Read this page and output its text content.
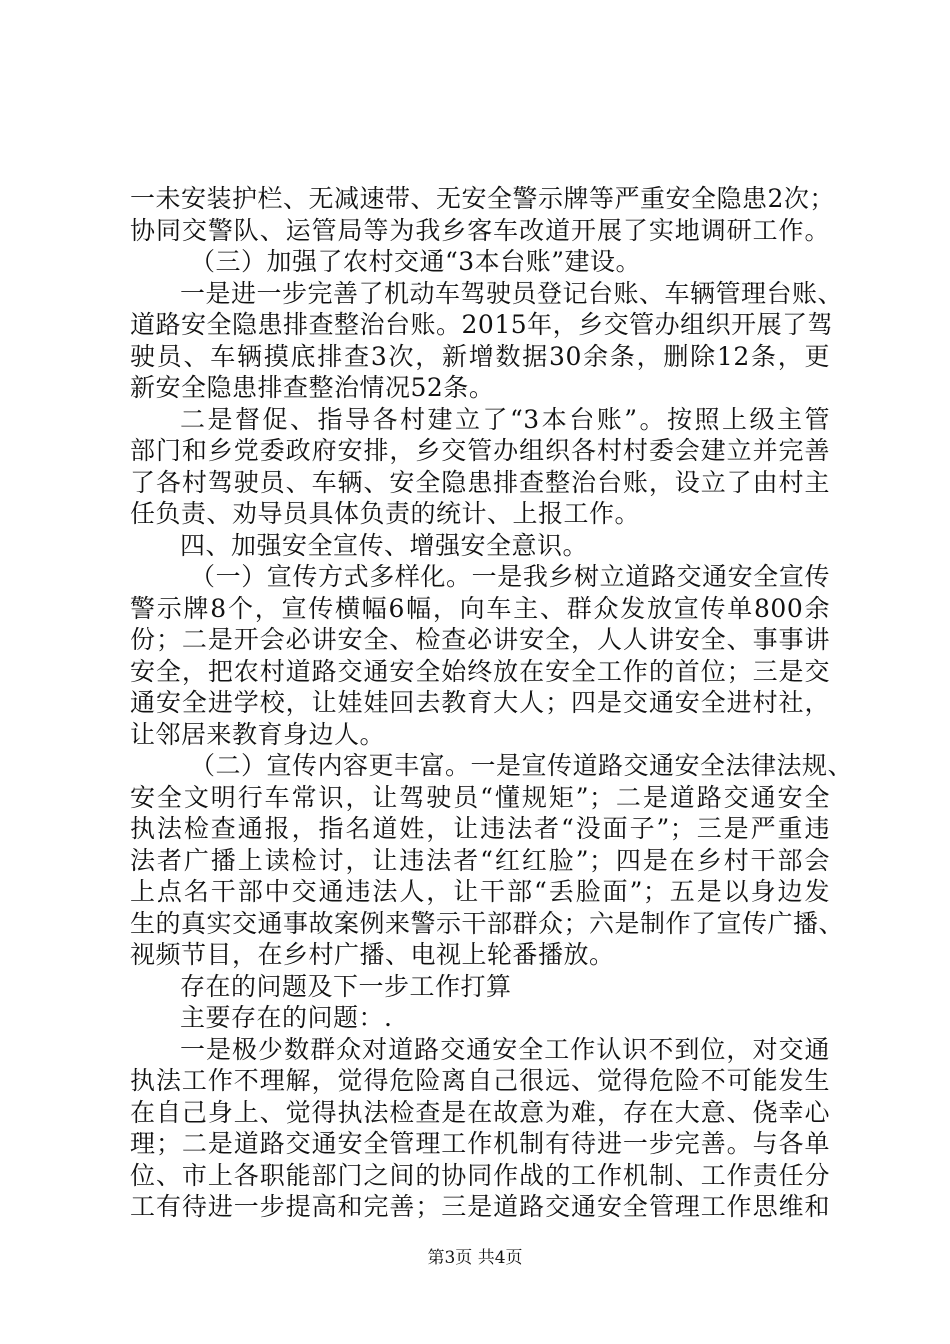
一未安装护栏、无减速带、无安全警示牌等严重安全隐患2次；
协同交警队、运管局等为我乡客车改道开展了实地调研工作。
（三）加强了农村交通“3本台账”建设。
一是进一步完善了机动车驾驶员登记台账、车辆管理台账、
道路安全隐患排查整治台账。2015年，乡交管办组织开展了驾
驶员、车辆摸底排查3次，新增数据30余条，删除12条，更
新安全隐患排查整治情况52条。
二是督促、指导各村建立了“3本台账”。按照上级主管
部门和乡党委政府安排，乡交管办组织各村村委会建立并完善
了各村驾驶员、车辆、安全隐患排查整治台账，设立了由村主
任负责、劝导员具体负责的统计、上报工作。
四、加强安全宣传、增强安全意识。
（一）宣传方式多样化。一是我乡树立道路交通安全宣传
警示牌8个，宣传横幅6幅，向车主、群众发放宣传单800余
份；二是开会必讲安全、检查必讲安全，人人讲安全、事事讲
安全，把农村道路交通安全始终放在安全工作的首位；三是交
通安全进学校，让娃娃回去教育大人；四是交通安全进村社，
让邻居来教育身边人。
（二）宣传内容更丰富。一是宣传道路交通安全法律法规、
安全文明行车常识，让驾驶员“懂规矩”；二是道路交通安全
执法检查通报，指名道姓，让违法者“没面子”；三是严重违
法者广播上读检讨，让违法者“红红脸”；四是在乡村干部会
上点名干部中交通违法人，让干部“丢脸面”；五是以身边发
生的真实交通事故案例来警示干部群众；六是制作了宣传广播、
视频节目，在乡村广播、电视上轮番播放。
存在的问题及下一步工作打算
主要存在的问题：.
一是极少数群众对道路交通安全工作认识不到位，对交通
执法工作不理解，觉得危险离自己很远、觉得危险不可能发生
在自己身上、觉得执法检查是在故意为难，存在大意、侥幸心
理；二是道路交通安全管理工作机制有待进一步完善。与各单
位、市上各职能部门之间的协同作战的工作机制、工作责任分
工有待进一步提高和完善；三是道路交通安全管理工作思维和
第3页 共4页
